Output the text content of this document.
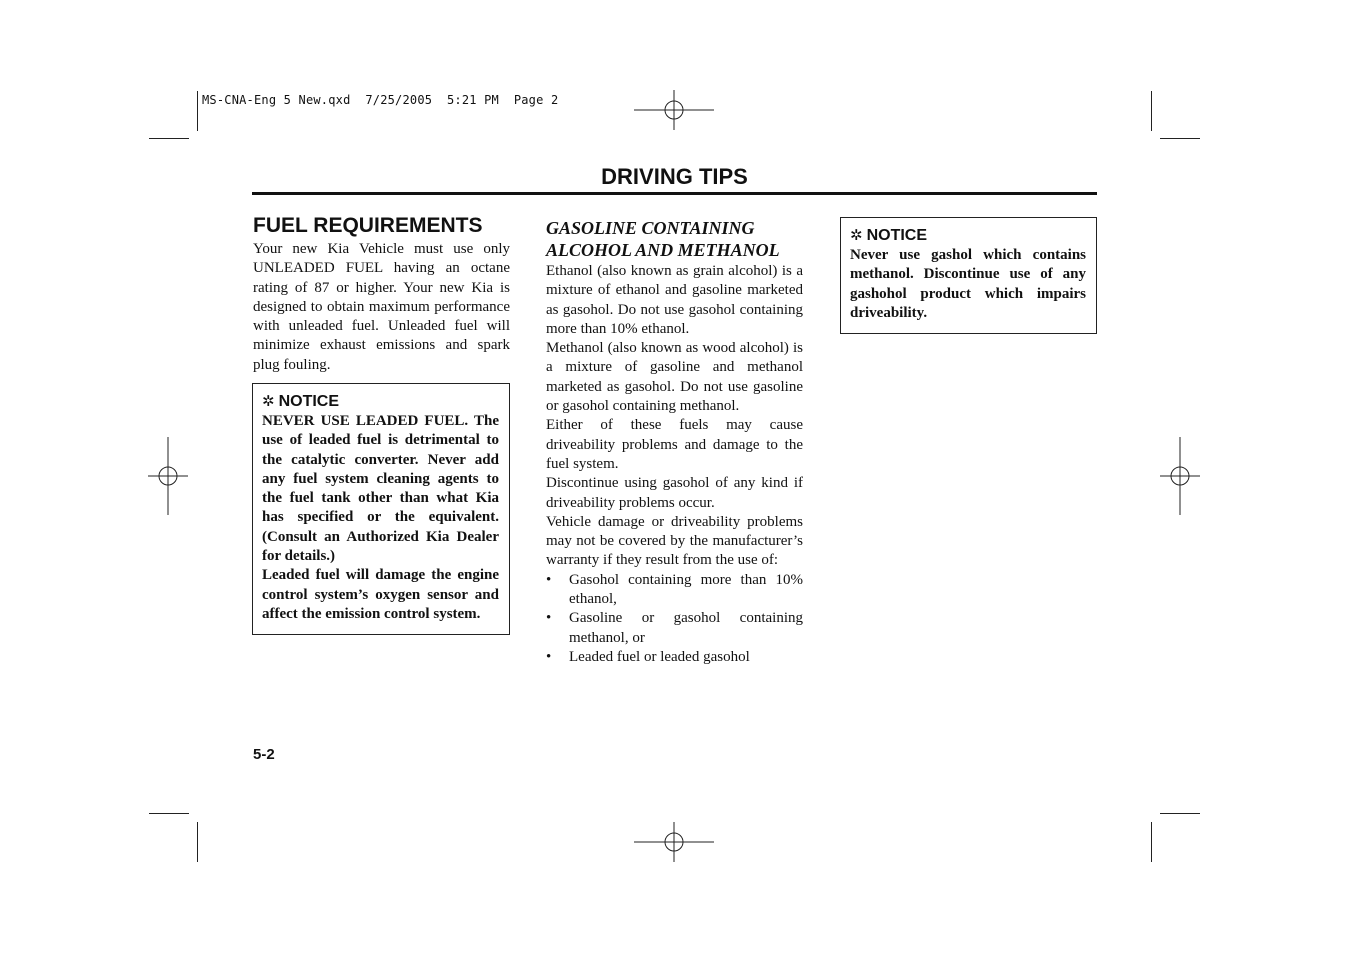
MS-CNA-Eng 5 New.qxd  7/25/2005  5:21 PM  Page 2
DRIVING TIPS
FUEL REQUIREMENTS

Your new Kia Vehicle must use only UNLEADED FUEL having an octane rating of 87 or higher. Your new Kia is designed to obtain maximum performance with unleaded fuel. Unleaded fuel will minimize exhaust emissions and spark plug fouling.

✲ NOTICE

NEVER USE LEADED FUEL. The use of leaded fuel is detrimental to the catalytic converter. Never add any fuel system cleaning agents to the fuel tank other than what Kia has specified or the equivalent. (Consult an Authorized Kia Dealer for details.)

Leaded fuel will damage the engine control system’s oxygen sensor and affect the emission control system.

GASOLINE CONTAINING
ALCOHOL AND METHANOL

Ethanol (also known as grain alcohol) is a mixture of ethanol and gasoline marketed as gasohol. Do not use gasohol containing more than 10% ethanol.

Methanol (also known as wood alcohol) is a mixture of gasoline and methanol marketed as gasohol. Do not use gasoline or gasohol containing methanol.

Either of these fuels may cause driveability problems and damage to the fuel system.

Discontinue using gasohol of any kind if driveability problems occur.

Vehicle damage or driveability problems may not be covered by the manufacturer’s warranty if they result from the use of:

• Gasohol containing more than 10% ethanol,
• Gasoline or gasohol containing methanol, or
• Leaded fuel or leaded gasohol
✲ NOTICE

Never use gashol which contains methanol. Discontinue use of any gashohol product which impairs driveability.

5-2
